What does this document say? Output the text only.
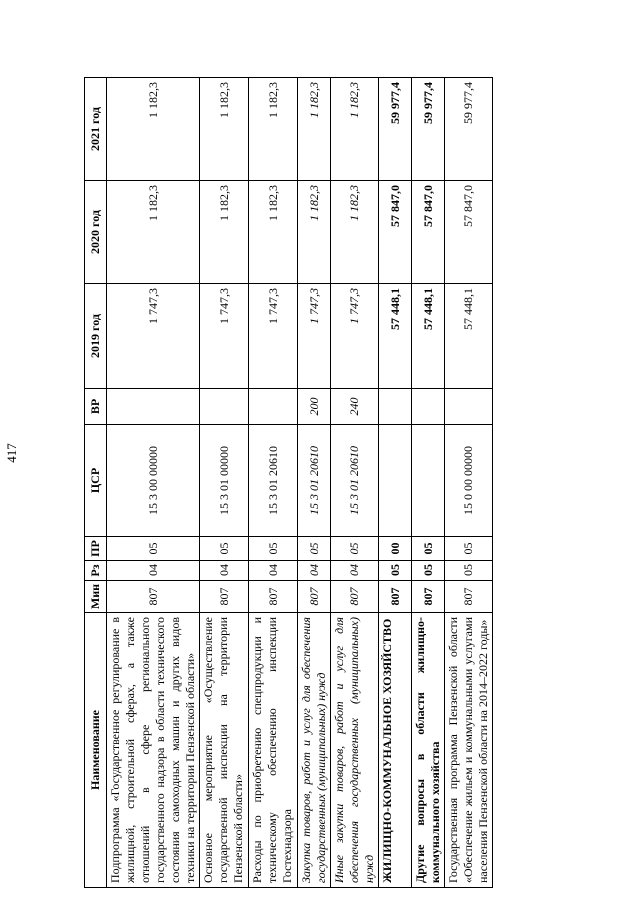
417
Наименование	Мин	Рз	ПР	ЦСР	ВР	2019 год	2020 год	2021 год
Подпрограмма «Государственное регулирование в жилищной, строительной сферах, а также отношений в сфере регионального государственного надзора в области технического состояния самоходных машин и других видов техники на территории Пензенской области»	807	04	05	15 3 00 00000		1 747,3	1 182,3	1 182,3
Основное мероприятие «Осуществление государственной инспекции на территории Пензенской области»	807	04	05	15 3 01 00000		1 747,3	1 182,3	1 182,3
Расходы по приобретению спецпродукции и техническому обеспечению инспекции Гостехнадзора	807	04	05	15 3 01 20610		1 747,3	1 182,3	1 182,3
Закупка товаров, работ и услуг для обеспечения государственных (муниципальных) нужд	807	04	05	15 3 01 20610	200	1 747,3	1 182,3	1 182,3
Иные закупки товаров, работ и услуг для обеспечения государственных (муниципальных) нужд	807	04	05	15 3 01 20610	240	1 747,3	1 182,3	1 182,3
ЖИЛИЩНО-КОММУНАЛЬНОЕ ХОЗЯЙСТВО	807	05	00			57 448,1	57 847,0	59 977,4
Другие вопросы в области жилищно-коммунального хозяйства	807	05	05			57 448,1	57 847,0	59 977,4
Государственная программа Пензенской области «Обеспечение жильем и коммунальными услугами населения Пензенской области на 2014–2022 годы»	807	05	05	15 0 00 00000		57 448,1	57 847,0	59 977,4
